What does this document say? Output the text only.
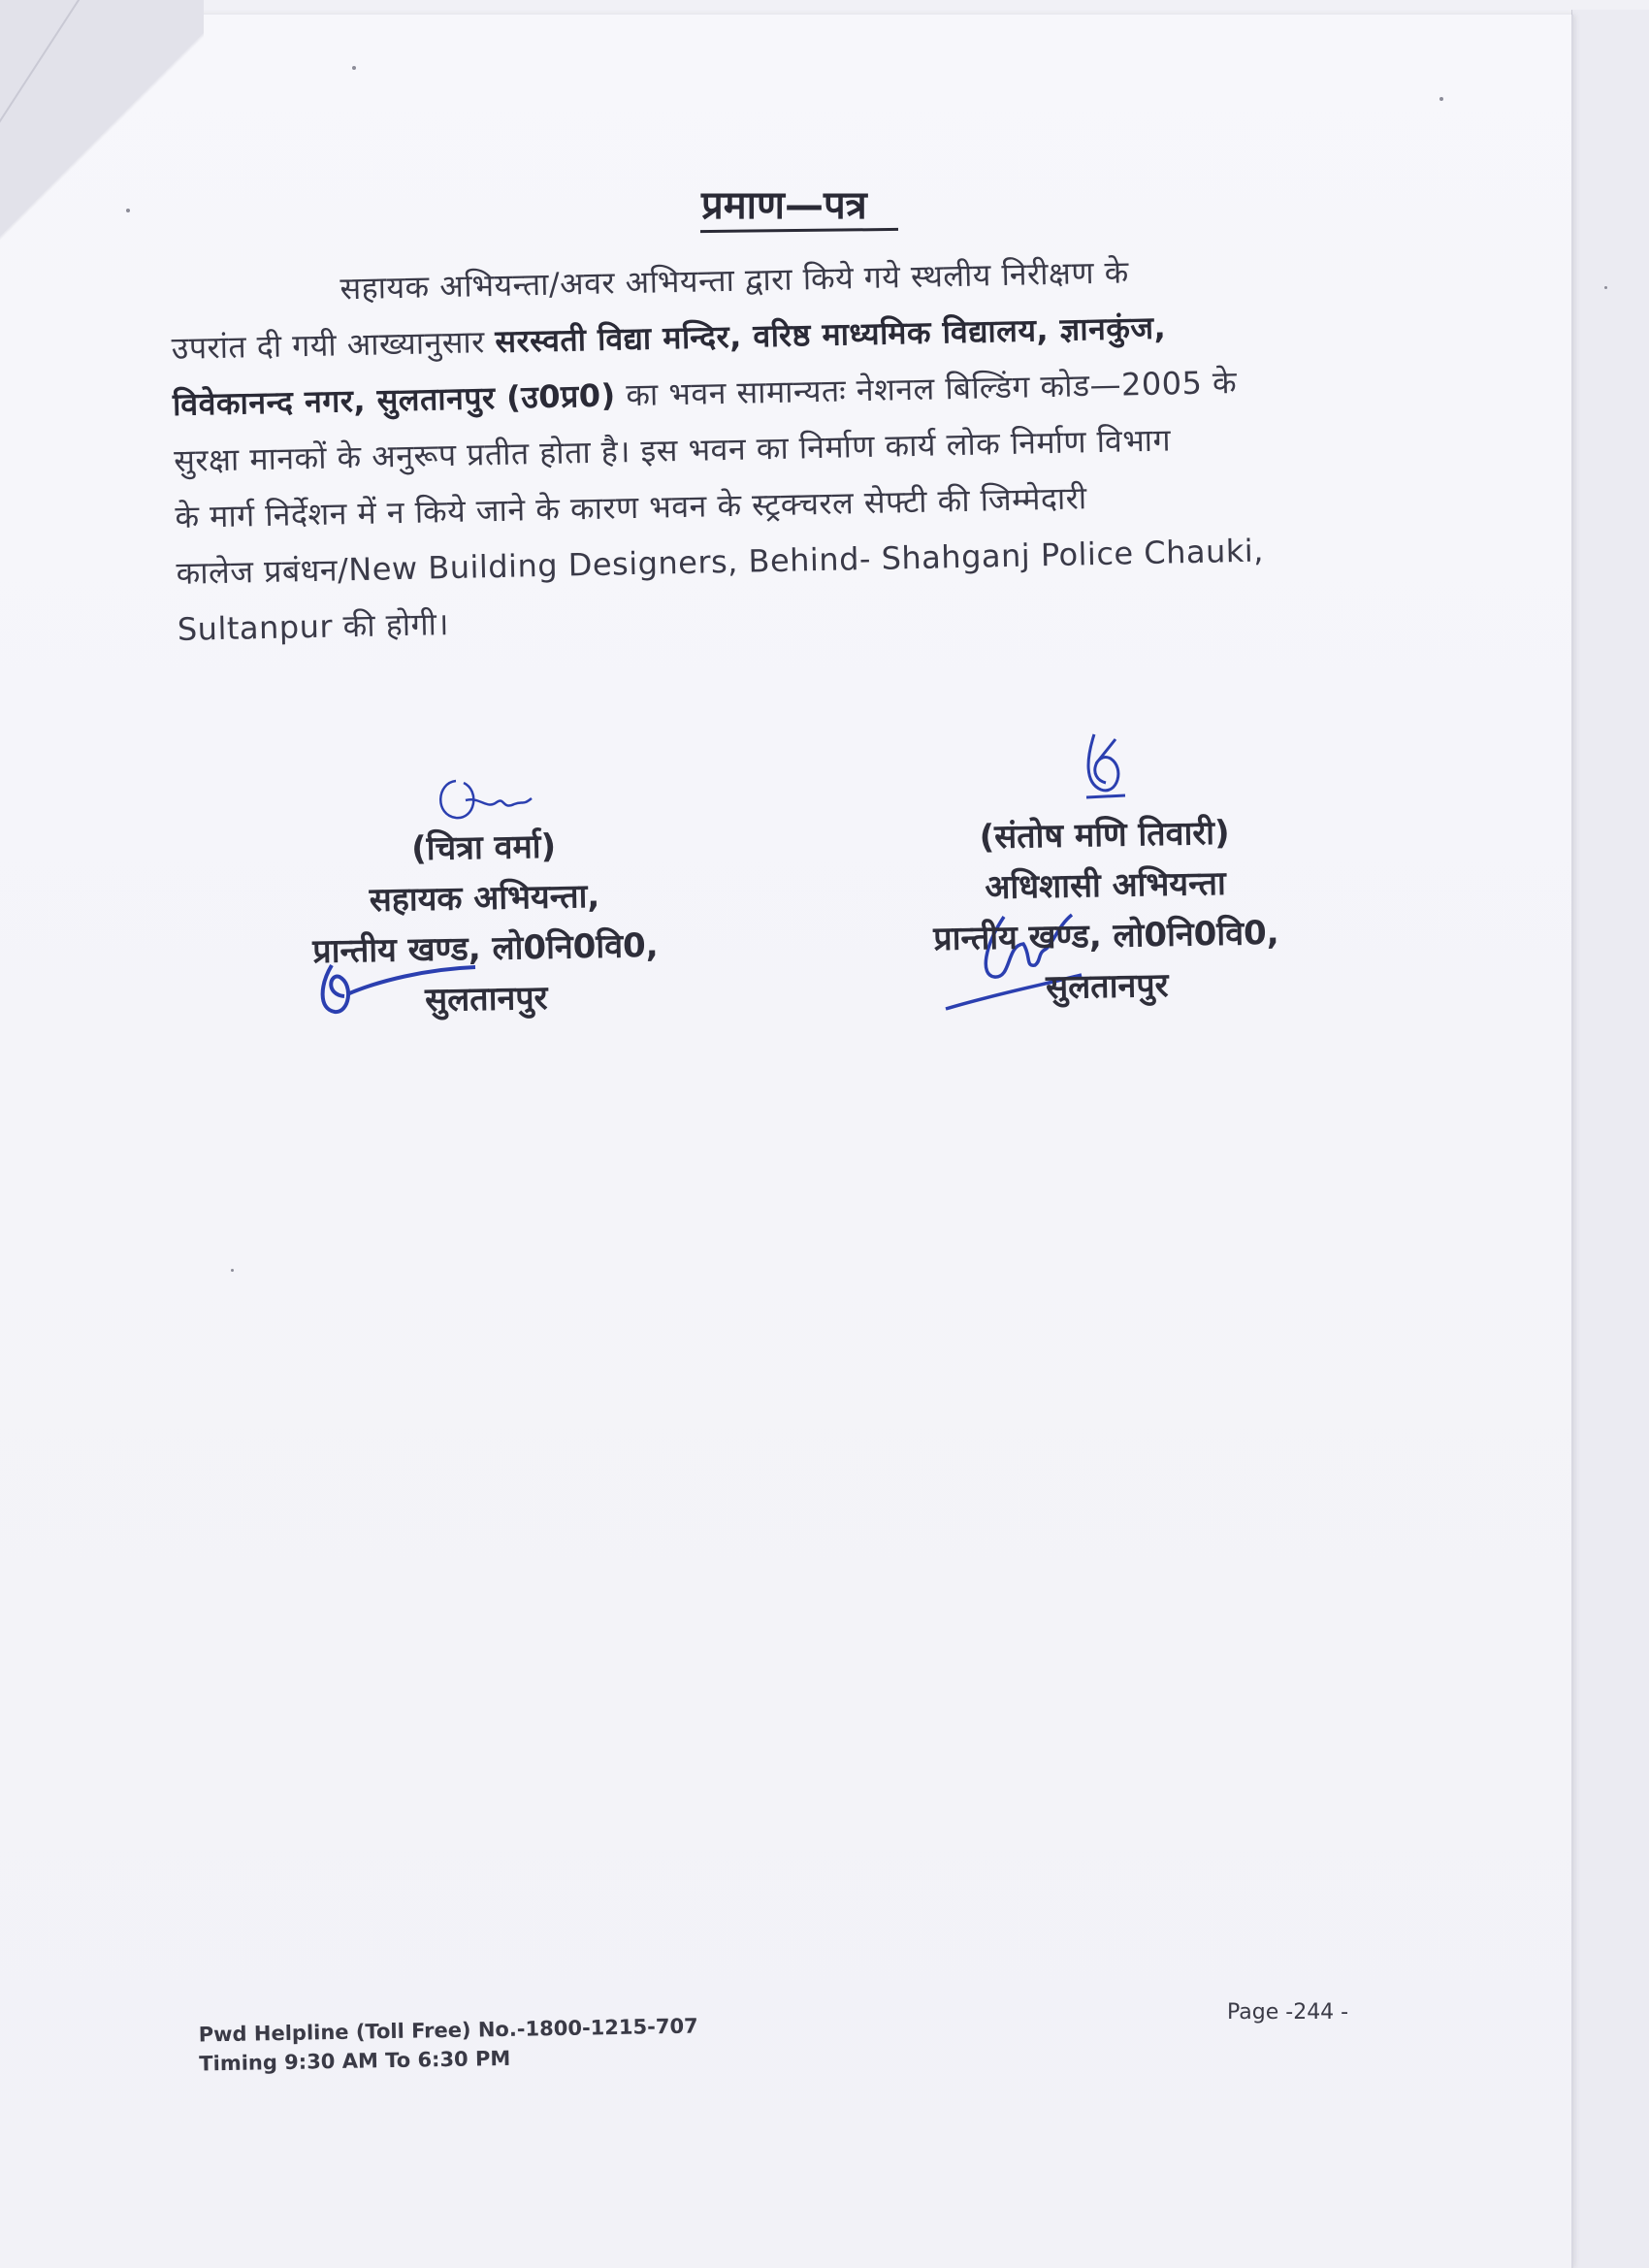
प्रमाण—पत्र
सहायक अभियन्ता/अवर अभियन्ता द्वारा किये गये स्थलीय निरीक्षण के
उपरांत दी गयी आख्यानुसार सरस्वती विद्या मन्दिर, वरिष्ठ माध्यमिक विद्यालय, ज्ञानकुंज,
विवेकानन्द नगर, सुलतानपुर (उ0प्र0) का भवन सामान्यतः नेशनल बिल्डिंग कोड—2005 के
सुरक्षा मानकों के अनुरूप प्रतीत होता है। इस भवन का निर्माण कार्य लोक निर्माण विभाग
के मार्ग निर्देशन में न किये जाने के कारण भवन के स्ट्रक्चरल सेफ्टी की जिम्मेदारी
कालेज प्रबंधन/New Building Designers, Behind- Shahganj Police Chauki,
Sultanpur की होगी।
(चित्रा वर्मा)
सहायक अभियन्ता,
प्रान्तीय खण्ड, लो0नि0वि0,
सुलतानपुर
(संतोष मणि तिवारी)
अधिशासी अभियन्ता
प्रान्तीय खण्ड, लो0नि0वि0,
सुलतानपुर
Pwd Helpline (Toll Free) No.-1800-1215-707
Timing 9:30 AM To 6:30 PM
Page -244 -
